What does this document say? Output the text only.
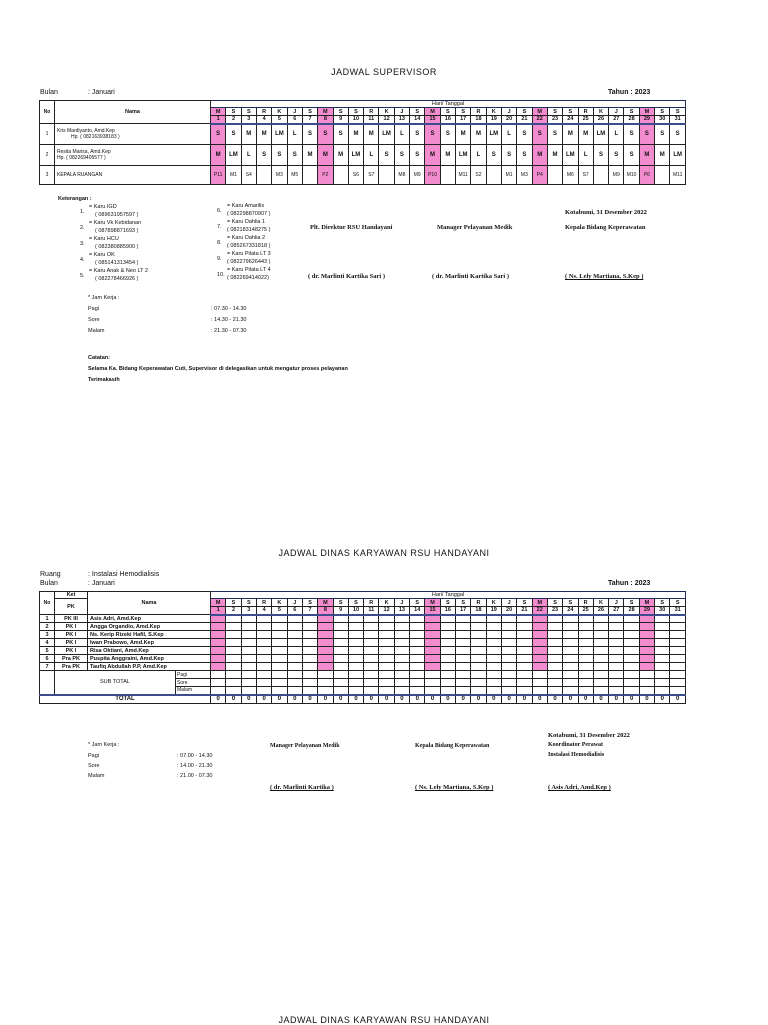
JADWAL SUPERVISOR
Bulan	: Januari	Tahun : 2023
No	Nama	Hari/ Tanggal																														
		M	S	S	R	K	J	S	M	S	S	R	K	J	S	M	S	S	R	K	J	S	M	S	S	R	K	J	S	M	S	S
		1	2	3	4	5	6	7	8	9	10	11	12	13	14	15	16	17	18	19	20	21	22	23	24	25	26	27	28	29	30	31
1	Kris Mardiyanto, Amd.Kep
Hp. ( 082163938183 )	S	S	M	M	LM	L	S	S	S	M	M	LM	L	S	S	S	M	M	LM	L	S	S	S	M	M	LM	L	S	S	S	S
2	Resita Marisa, Amd.Kep
Hp. ( 082269405577 )	M	LM	L	S	S	S	M	M	M	LM	L	S	S	S	M	M	LM	L	S	S	S	M	M	LM	L	S	S	S	M	M	LM
3	KEPALA RUANGAN	P11	M1	S4		M3	M5		P2		S6	S7		M8	M9	P10		M11	S2		M1	M3	P4		M6	S7		M9	M10	P6		M11
Keterangan :
1.
= Karu IGD
( 089631957597 )
2.
= Karu Vk Kebidanan
( 087898871693 )
3.
= Karu HCU
( 082380885900 )
4.
= Karu OK
( 085141313454 )
5.
= Karu Anak & Neo LT 2
( 082278466926 )
6.
= Karu Amarilis
( 082298870907 )
7.
= Karu Dahlia 1
( 082183148275 )
8.
= Karu Dahlia 2
( 085267331818 )
9.
= Karu Pilata LT 3
( 082279626443 )
10.
= Karu Pilata LT 4
( 082269414022)
* Jam Kerja :
Pagi	: 07.30 - 14.30
Sore	: 14.30 - 21.30
Malam	: 21.30 - 07.30
Catatan:
Selama Ka. Bidang Keperawatan Cuti, Supervisor di delegasikan untuk mengatur proses pelayanan
Terimakasih
Kotabumi, 31 Desember 2022
Plt. Direktur RSU Handayani	Manager Pelayanan Medik	Kepala Bidang Keperawatan
( dr. Marlinti Kartika Sari )	( dr. Marlinti Kartika Sari )	( Ns. Lely Martiana, S.Kep )
JADWAL DINAS KARYAWAN RSU HANDAYANI
Ruang	: Instalasi Hemodialisis
Bulan	: Januari	Tahun : 2023
No	Ket	Nama		Hari/ Tanggal																														
	PK			M	S	S	R	K	J	S	M	S	S	R	K	J	S	M	S	S	R	K	J	S	M	S	S	R	K	J	S	M	S	S
				1	2	3	4	5	6	7	8	9	10	11	12	13	14	15	16	17	18	19	20	21	22	23	24	25	26	27	28	29	30	31
1	PK III	Asis Adri, Amd.Kep																																
2	PK I	Angga Organdio, Amd.Kep																																
3	PK I	Ns. Kerip Rizeki Hafil, S.Kep																																
4	PK I	Iwan Prabowo, Amd.Kep																																
5	PK I	Risa Oktiani, Amd.Kep																																
6	Pra PK	Puspita Anggraini, Amd.Kep																																
7	Pra PK	Taufiq Abdullah P.P, Amd.Kep																																
	SUB TOTAL		Pagi																															
			Sore																															
			Malam																															
TOTAL				0	0	0	0	0	0	0	0	0	0	0	0	0	0	0	0	0	0	0	0	0	0	0	0	0	0	0	0	0	0	0
* Jam Kerja :
Pagi	: 07.00 - 14.30
Sore	: 14.00 - 21.30
Malam	: 21.00 - 07.30
Kotabumi, 31 Desember 2022
Manager Pelayanan Medik	Kepala Bidang Keperawatan	Koordinator Perawat
Instalasi Hemodialisis
( dr. Marlinti Kartika )	( Ns. Lely Martiana, S.Kep )	( Asis Adri, Amd.Kep )
JADWAL DINAS KARYAWAN RSU HANDAYANI
